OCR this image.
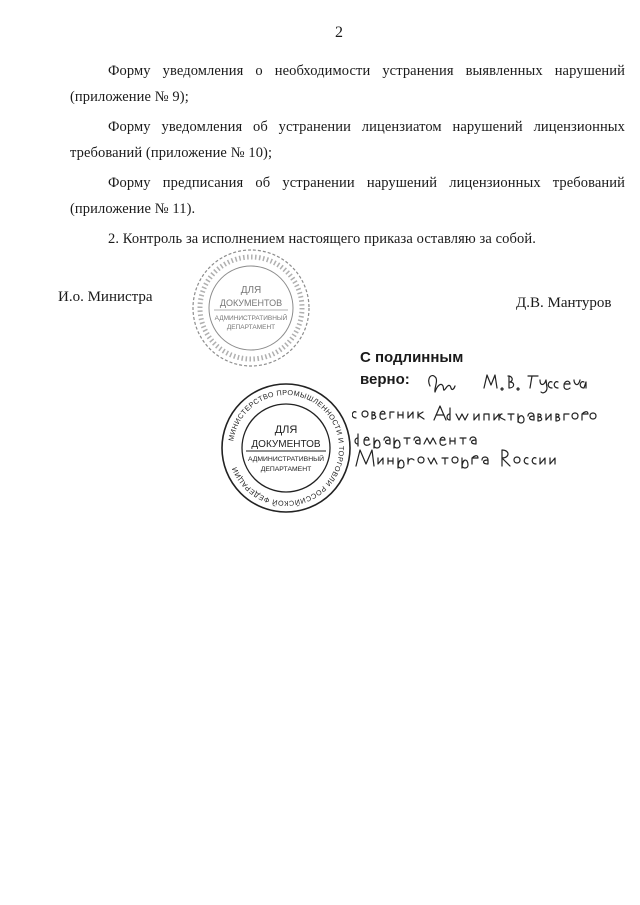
2

Форму уведомления о необходимости устранения выявленных нарушений (приложение № 9);

Форму уведомления об устранении лицензиатом нарушений лицензионных требований (приложение № 10);

Форму предписания об устранении нарушений лицензионных требований (приложение № 11).

2. Контроль за исполнением настоящего приказа оставляю за собой.

И.о. Министра	Д.В. Мантуров
ДЛЯ
ДОКУМЕНТОВ
АДМИНИСТРАТИВНЫЙ
ДЕПАРТАМЕНТ
МИНИСТЕРСТВО ПРОМЫШЛЕННОСТИ И ТОРГОВЛИ РОССИЙСКОЙ ФЕДЕРАЦИИ
ДЛЯ
ДОКУМЕНТОВ
АДМИНИСТРАТИВНЫЙ
ДЕПАРТАМЕНТ
С подлинным
верно:
